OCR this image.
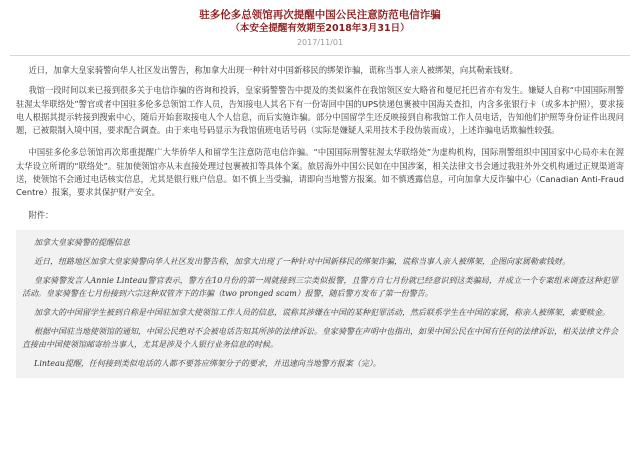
驻多伦多总领馆再次提醒中国公民注意防范电信诈骗
（本安全提醒有效期至2018年3月31日）
2017/11/01

近日，加拿大皇家骑警向华人社区发出警告，称加拿大出现一种针对中国新移民的绑架诈骗，谎称当事人亲人被绑架，向其勒索钱财。

我馆一段时间以来已接到很多关于电信诈骗的咨询和投诉，皇家骑警警告中提及的类似案件在我馆领区安大略省和曼尼托巴省亦有发生。嫌疑人自称“中国国际刑警驻渥太华联络处”警官或者中国驻多伦多总领馆工作人员，告知接电人其名下有一份寄回中国的UPS快递包裹被中国海关查扣，内含多张银行卡（或多本护照），要求接电人根据其提示转接到搜索中心，随后开始套取接电人个人信息，而后实施诈骗。部分中国留学生还反映接到自称我馆工作人员电话，告知他们护照等身份证件出现问题，已被限制入境中国，要求配合调查。由于来电号码显示为我馆值班电话号码（实际是嫌疑人采用技术手段伪装而成），上述诈骗电话欺骗性较强。

中国驻多伦多总领馆再次郑重提醒广大华侨华人和留学生注意防范电信诈骗。“中国国际刑警驻渥太华联络处”为虚构机构，国际刑警组织中国国家中心局亦未在渥太华设立所谓的“联络处”。驻加使领馆亦从未直接处理过包裹被扣等具体个案。旅居海外中国公民如在中国涉案，相关法律文书会通过我驻外外交机构通过正规渠道寄送，使领馆不会通过电话核实信息，尤其是银行账户信息。如不慎上当受骗，请即向当地警方报案。如不慎透露信息，可向加拿大反诈骗中心（Canadian Anti-Fraud Centre）报案，要求其保护财产安全。

附件：

加拿大皇家骑警的提醒信息

近日，纽路地区加拿大皇家骑警向华人社区发出警告称，加拿大出现了一种针对中国新移民的绑架诈骗，谎称当事人亲人被绑架，企图向家属勒索钱财。

皇家骑警发言人Annie Linteau警官表示，警方在10月份的第一周就接到三宗类似报警，且警方自七月份就已经意识到这类骗局，并成立一个专案组来调查这种犯罪活动。皇家骑警在七月份接到六宗这种双管齐下的诈骗（two pronged scam）报警，随后警方发布了第一份警告。

加拿大的中国留学生被到自称是中国驻加拿大使领馆工作人员的信息，谎称其涉嫌在中国的某种犯罪活动，然后联系学生在中国的家属，称亲人被绑架，索要赎金。

根据中国驻当地使领馆的通知，中国公民绝对不会被电话告知其所涉的法律诉讼。皇家骑警在声明中也指出，如果中国公民在中国有任何的法律诉讼，相关法律文件会直接由中国使领馆邮寄给当事人，尤其是涉及个人银行业务信息的时候。

Linteau提醒，任何接到类似电话的人都不要答应绑架分子的要求，并迅速向当地警方报案（完）。
